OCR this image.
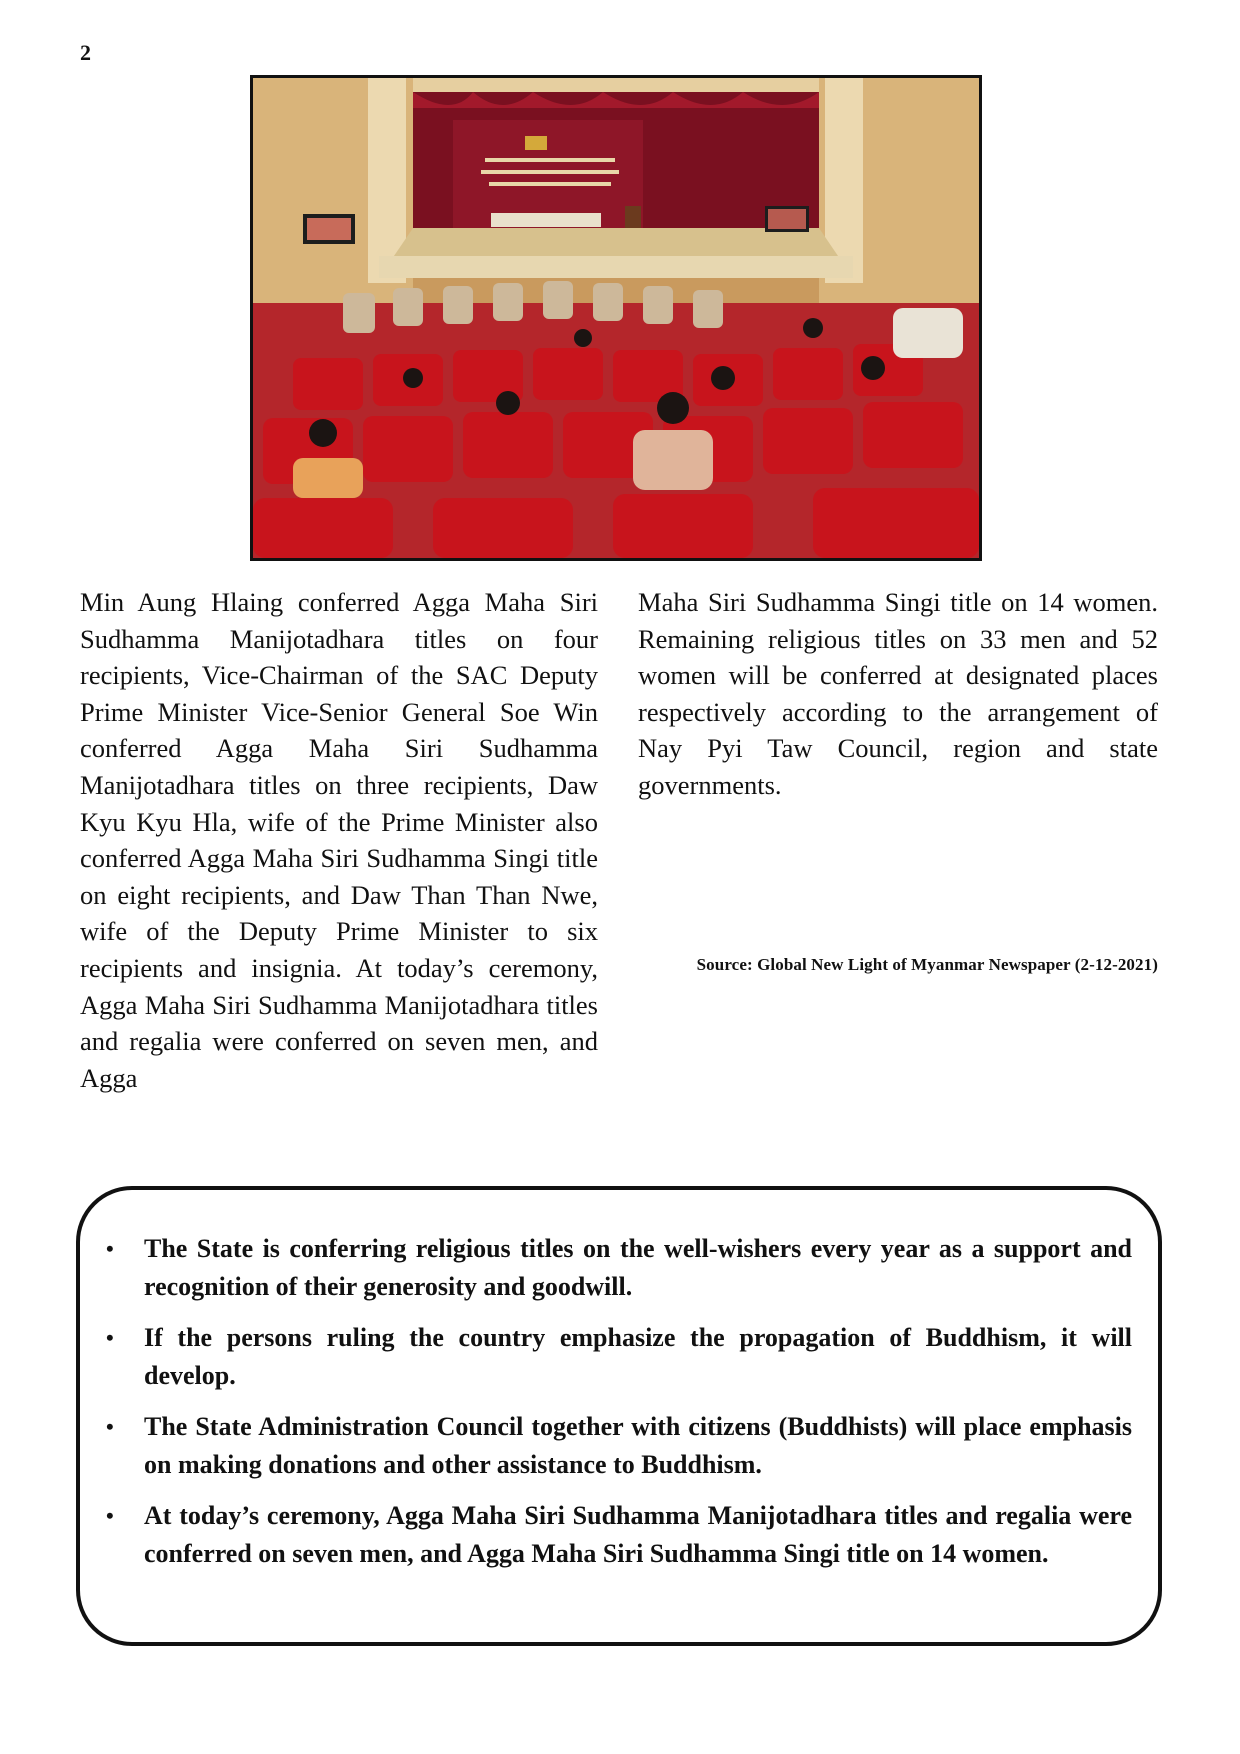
2

Min Aung Hlaing conferred Agga Maha Siri Sudhamma Manijotadhara titles on four recipients, Vice-Chairman of the SAC Deputy Prime Minister Vice-Senior General Soe Win conferred Agga Maha Siri Sudhamma Manijotadhara titles on three recipients, Daw Kyu Kyu Hla, wife of the Prime Minister also conferred Agga Maha Siri Sudhamma Singi title on eight recipients, and Daw Than Than Nwe, wife of the Deputy Prime Minister to six recipients and insignia. At today’s ceremony, Agga Maha Siri Sudhamma Manijotadhara titles and regalia were conferred on seven men, and Agga

Maha Siri Sudhamma Singi title on 14 women. Remaining religious titles on 33 men and 52 women will be conferred at designated places respectively according to the arrangement of Nay Pyi Taw Council, region and state governments.

Source: Global New Light of Myanmar Newspaper (2-12-2021)
• The State is conferring religious titles on the well-wishers every year as a support and recognition of their generosity and goodwill.
• If the persons ruling the country emphasize the propagation of Buddhism, it will develop.
• The State Administration Council together with citizens (Buddhists) will place emphasis on making donations and other assistance to Buddhism.
• At today’s ceremony, Agga Maha Siri Sudhamma Manijotadhara titles and regalia were conferred on seven men, and Agga Maha Siri Sudhamma Singi title on 14 women.
